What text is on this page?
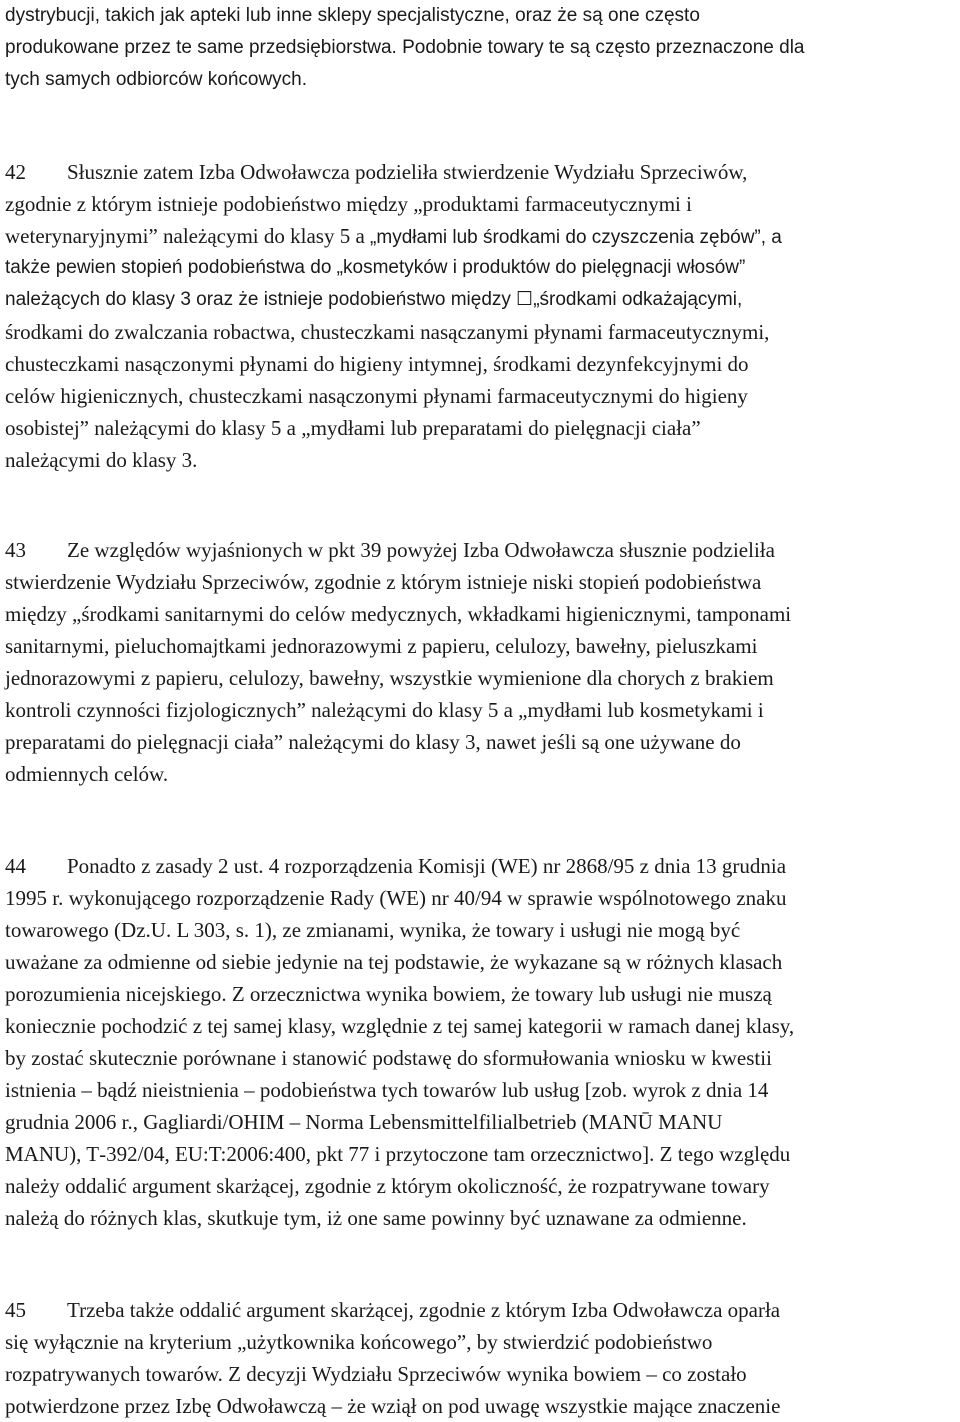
dystrybucji, takich jak apteki lub inne sklepy specjalistyczne, oraz że są one często
produkowane przez te same przedsiębiorstwa. Podobnie towary te są często przeznaczone dla
tych samych odbiorców końcowych.
42 Słusznie zatem Izba Odwoławcza podzieliła stwierdzenie Wydziału Sprzeciwów,
zgodnie z którym istnieje podobieństwo między „produktami farmaceutycznymi i
weterynaryjnymi” należącymi do klasy 5 a „mydłami lub środkami do czyszczenia zębów”, a
także pewien stopień podobieństwa do „kosmetyków i produktów do pielęgnacji włosów”
należących do klasy 3 oraz że istnieje podobieństwo między ☐„środkami odkażającymi,
środkami do zwalczania robactwa, chusteczkami nasączanymi płynami farmaceutycznymi,
chusteczkami nasączonymi płynami do higieny intymnej, środkami dezynfekcyjnymi do
celów higienicznych, chusteczkami nasączonymi płynami farmaceutycznymi do higieny
osobistej” należącymi do klasy 5 a „mydłami lub preparatami do pielęgnacji ciała”
należącymi do klasy 3.
43 Ze względów wyjaśnionych w pkt 39 powyżej Izba Odwoławcza słusznie podzieliła
stwierdzenie Wydziału Sprzeciwów, zgodnie z którym istnieje niski stopień podobieństwa
między „środkami sanitarnymi do celów medycznych, wkładkami higienicznymi, tamponami
sanitarnymi, pieluchomajtkami jednorazowymi z papieru, celulozy, bawełny, pieluszkami
jednorazowymi z papieru, celulozy, bawełny, wszystkie wymienione dla chorych z brakiem
kontroli czynności fizjologicznych” należącymi do klasy 5 a „mydłami lub kosmetykami i
preparatami do pielęgnacji ciała” należącymi do klasy 3, nawet jeśli są one używane do
odmiennych celów.
44 Ponadto z zasady 2 ust. 4 rozporządzenia Komisji (WE) nr 2868/95 z dnia 13 grudnia
1995 r. wykonującego rozporządzenie Rady (WE) nr 40/94 w sprawie wspólnotowego znaku
towarowego (Dz.U. L 303, s. 1), ze zmianami, wynika, że towary i usługi nie mogą być
uważane za odmienne od siebie jedynie na tej podstawie, że wykazane są w różnych klasach
porozumienia nicejskiego. Z orzecznictwa wynika bowiem, że towary lub usługi nie muszą
koniecznie pochodzić z tej samej klasy, względnie z tej samej kategorii w ramach danej klasy,
by zostać skutecznie porównane i stanowić podstawę do sformułowania wniosku w kwestii
istnienia – bądź nieistnienia – podobieństwa tych towarów lub usług [zob. wyrok z dnia 14
grudnia 2006 r., Gagliardi/OHIM – Norma Lebensmittelfilialbetrieb (MANŪ MANU
MANU), T‑392/04, EU:T:2006:400, pkt 77 i przytoczone tam orzecznictwo]. Z tego względu
należy oddalić argument skarżącej, zgodnie z którym okoliczność, że rozpatrywane towary
należą do różnych klas, skutkuje tym, iż one same powinny być uznawane za odmienne.
45 Trzeba także oddalić argument skarżącej, zgodnie z którym Izba Odwoławcza oparła
się wyłącznie na kryterium „użytkownika końcowego”, by stwierdzić podobieństwo
rozpatrywanych towarów. Z decyzji Wydziału Sprzeciwów wynika bowiem – co zostało
potwierdzone przez Izbę Odwoławczą – że wziął on pod uwagę wszystkie mające znaczenie
